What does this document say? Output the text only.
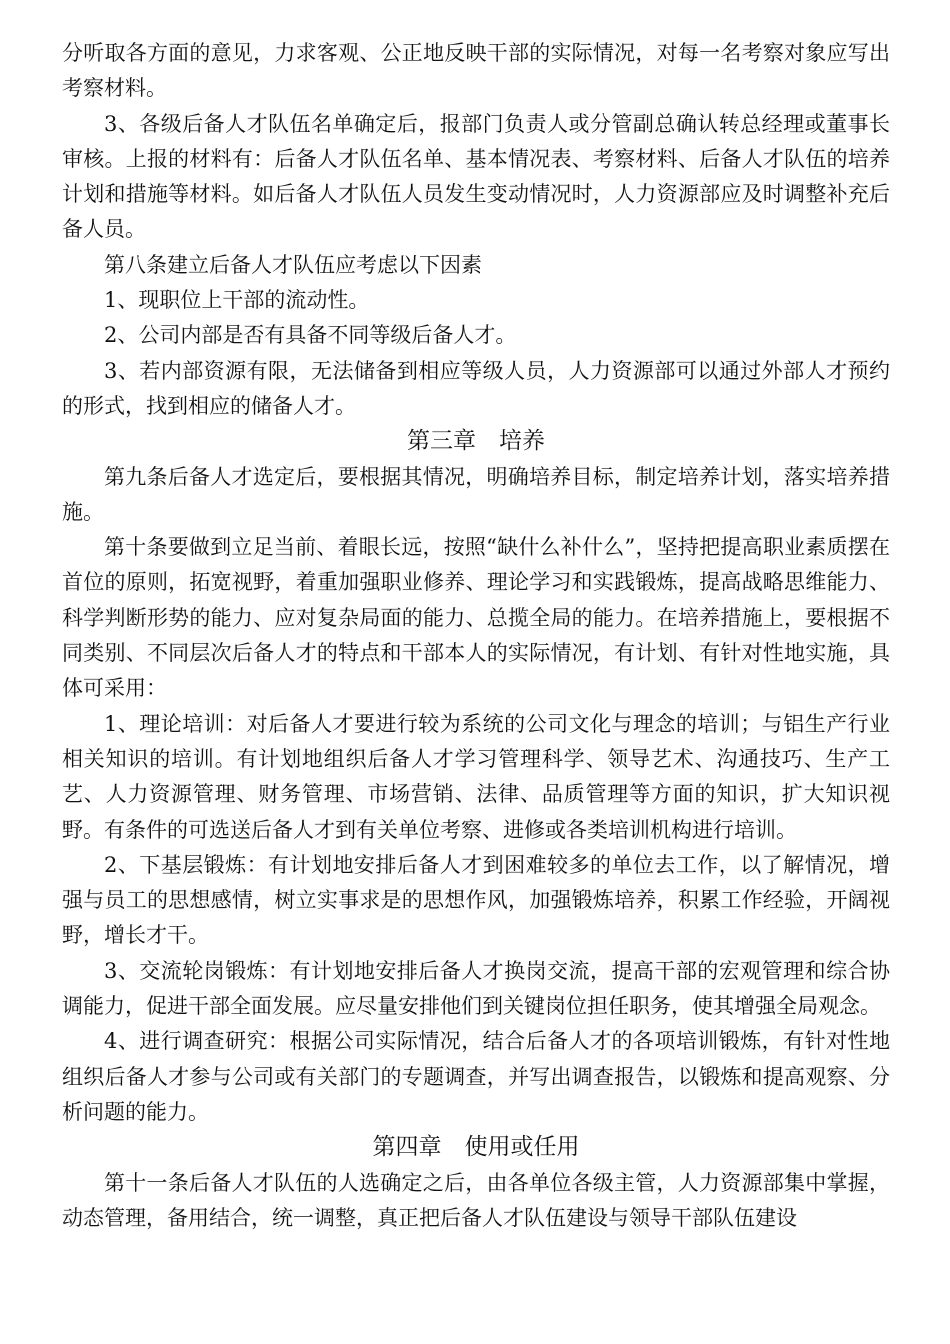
分听取各方面的意见，力求客观、公正地反映干部的实际情况，对每一名考察对象应写出考察材料。

3、各级后备人才队伍名单确定后，报部门负责人或分管副总确认转总经理或董事长审核。上报的材料有：后备人才队伍名单、基本情况表、考察材料、后备人才队伍的培养计划和措施等材料。如后备人才队伍人员发生变动情况时，人力资源部应及时调整补充后备人员。

第八条建立后备人才队伍应考虑以下因素

1、现职位上干部的流动性。

2、公司内部是否有具备不同等级后备人才。

3、若内部资源有限，无法储备到相应等级人员，人力资源部可以通过外部人才预约的形式，找到相应的储备人才。

第三章　培养

第九条后备人才选定后，要根据其情况，明确培养目标，制定培养计划，落实培养措施。

第十条要做到立足当前、着眼长远，按照“缺什么补什么”，坚持把提高职业素质摆在首位的原则，拓宽视野，着重加强职业修养、理论学习和实践锻炼，提高战略思维能力、科学判断形势的能力、应对复杂局面的能力、总揽全局的能力。在培养措施上，要根据不同类别、不同层次后备人才的特点和干部本人的实际情况，有计划、有针对性地实施，具体可采用：

1、理论培训：对后备人才要进行较为系统的公司文化与理念的培训；与铝生产行业相关知识的培训。有计划地组织后备人才学习管理科学、领导艺术、沟通技巧、生产工艺、人力资源管理、财务管理、市场营销、法律、品质管理等方面的知识，扩大知识视野。有条件的可选送后备人才到有关单位考察、进修或各类培训机构进行培训。

2、下基层锻炼：有计划地安排后备人才到困难较多的单位去工作，以了解情况，增强与员工的思想感情，树立实事求是的思想作风，加强锻炼培养，积累工作经验，开阔视野，增长才干。

3、交流轮岗锻炼：有计划地安排后备人才换岗交流，提高干部的宏观管理和综合协调能力，促进干部全面发展。应尽量安排他们到关键岗位担任职务，使其增强全局观念。

4、进行调查研究：根据公司实际情况，结合后备人才的各项培训锻炼，有针对性地组织后备人才参与公司或有关部门的专题调查，并写出调查报告，以锻炼和提高观察、分析问题的能力。

第四章　使用或任用

第十一条后备人才队伍的人选确定之后，由各单位各级主管，人力资源部集中掌握，动态管理，备用结合，统一调整，真正把后备人才队伍建设与领导干部队伍建设
